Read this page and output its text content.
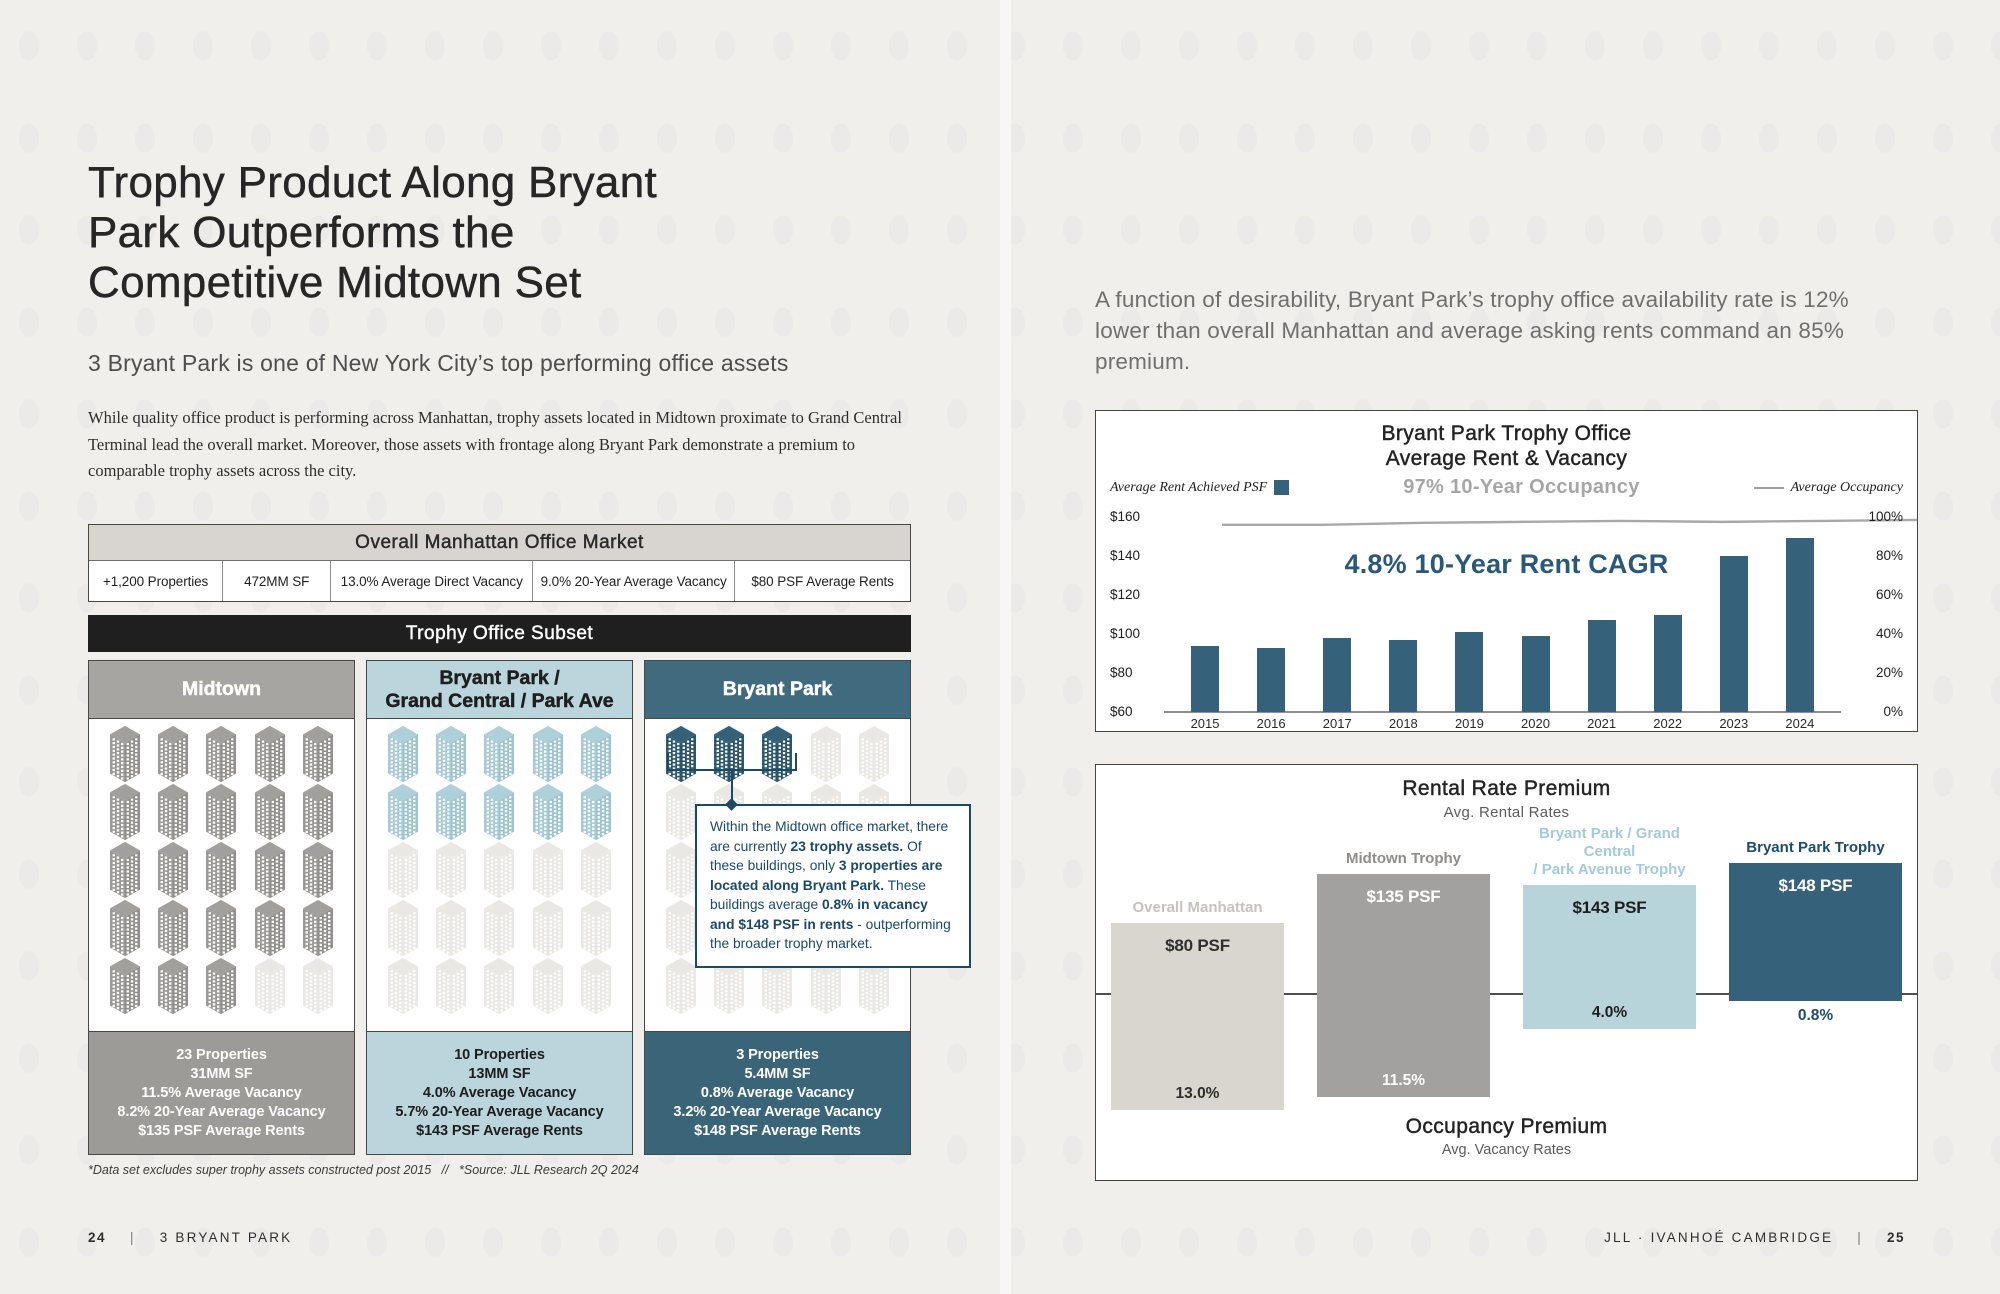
Trophy Product Along Bryant
Park Outperforms the
Competitive Midtown Set
3 Bryant Park is one of New York City’s top performing office assets
While quality office product is performing across Manhattan, trophy assets located in Midtown proximate to Grand Central Terminal lead the overall market. Moreover, those assets with frontage along Bryant Park demonstrate a premium to comparable trophy assets across the city.
Overall Manhattan Office Market
+1,200 Properties	472MM SF	13.0% Average Direct Vacancy	9.0% 20-Year Average Vacancy	$80 PSF Average Rents
Trophy Office Subset
Midtown
23 Properties
31MM SF
11.5% Average Vacancy
8.2% 20-Year Average Vacancy
$135 PSF Average Rents
Bryant Park /
Grand Central / Park Ave
10 Properties
13MM SF
4.0% Average Vacancy
5.7% 20-Year Average Vacancy
$143 PSF Average Rents
Bryant Park
3 Properties
5.4MM SF
0.8% Average Vacancy
3.2% 20-Year Average Vacancy
$148 PSF Average Rents
Within the Midtown office market, there are currently 23 trophy assets. Of these buildings, only 3 properties are located along Bryant Park. These buildings average 0.8% in vacancy and $148 PSF in rents - outperforming the broader trophy market.
*Data set excludes super trophy assets constructed post 2015   //   *Source: JLL Research 2Q 2024
24 | 3 BRYANT PARK
A function of desirability, Bryant Park’s trophy office availability rate is 12% lower than overall Manhattan and average asking rents command an 85% premium.
Bryant Park Trophy Office
Average Rent & Vacancy
Average Rent Achieved PSF	97% 10-Year Occupancy	Average Occupancy
2015	2016	2017	2018	2019	2020	2021	2022	2023	2024
4.8% 10-Year Rent CAGR
$160
$140
$120
$100
$80
$60
100%
80%
60%
40%
20%
0%
Rental Rate Premium
Avg. Rental Rates
Overall Manhattan
$80 PSF
13.0%
Midtown Trophy
$135 PSF
11.5%
Bryant Park / Grand Central
/ Park Avenue Trophy
$143 PSF
4.0%
Bryant Park Trophy
$148 PSF
0.8%
Occupancy Premium
Avg. Vacancy Rates
JLL · IVANHOÉ CAMBRIDGE | 25
